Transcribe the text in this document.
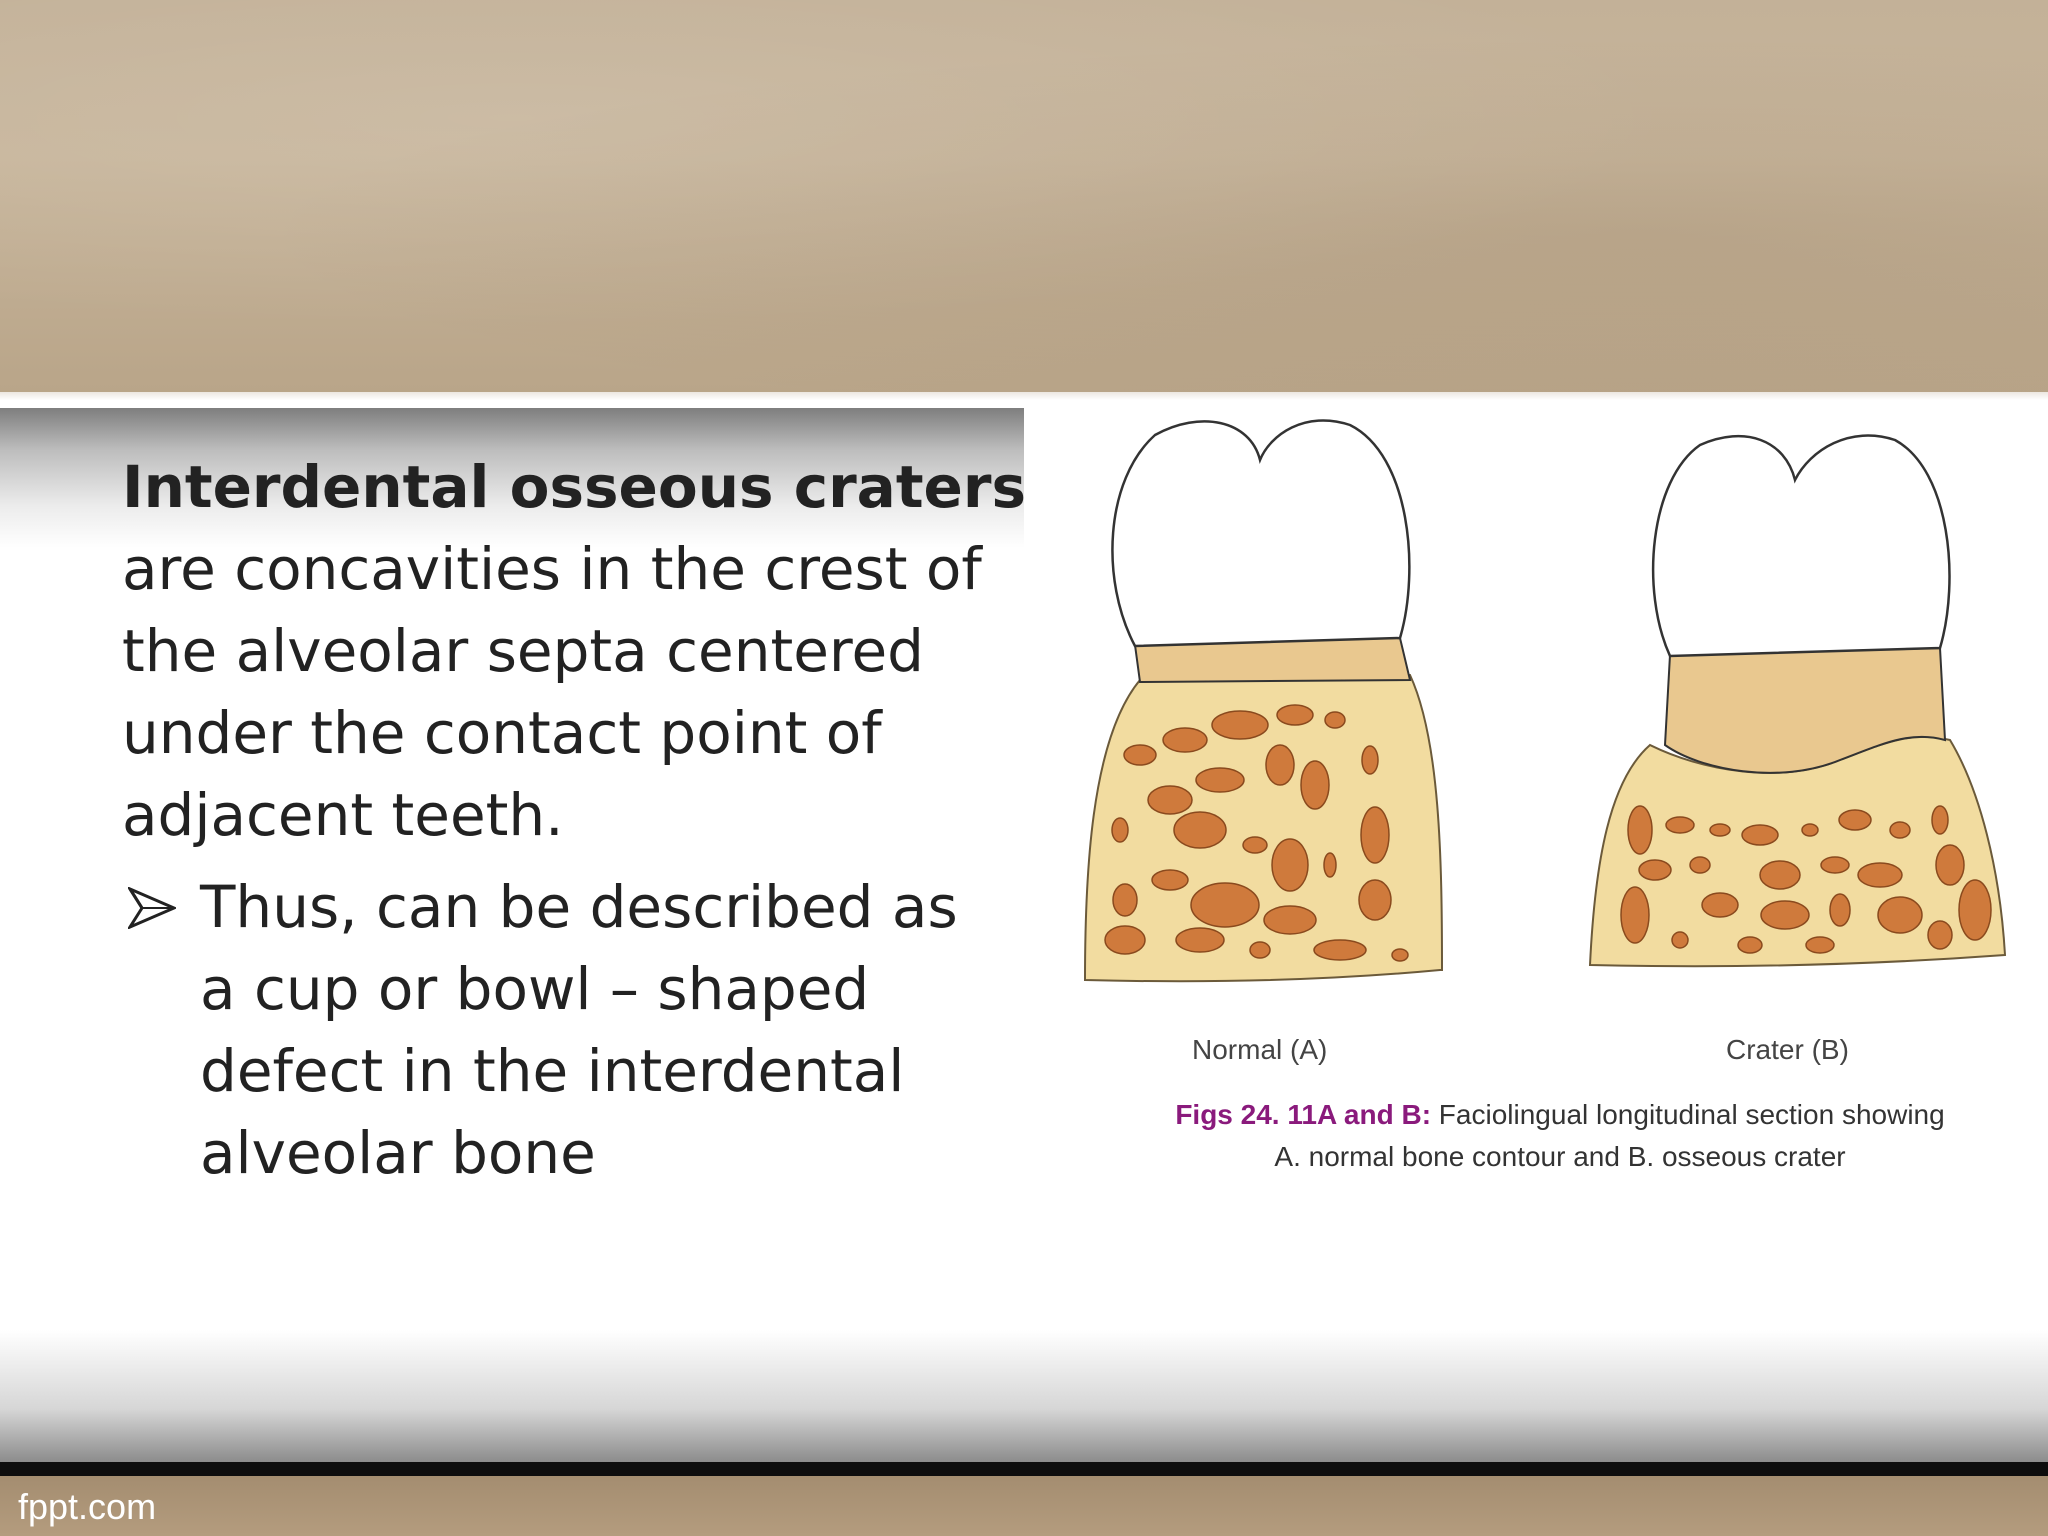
Interdental osseous craters
are concavities in the crest of
the alveolar septa centered
under the contact point of
adjacent teeth.
Thus, can be described as
a cup or bowl – shaped
defect in the interdental
alveolar bone
Normal (A)	Crater (B)
Figs 24. 11A and B: Faciolingual longitudinal section showing
A. normal bone contour and B. osseous crater
fppt.com
